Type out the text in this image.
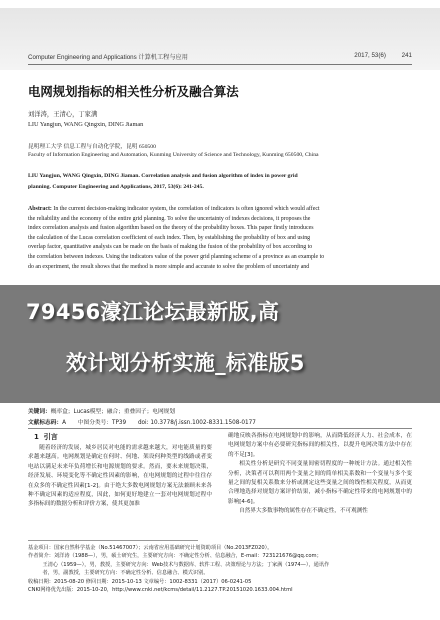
Computer Engineering and Applications 计算机工程与应用	2017, 53(6)	241
电网规划指标的相关性分析及融合算法
刘洋涛，王清心，丁家满
LIU Yangjun, WANG Qingxin, DING Jiaman
昆明理工大学 信息工程与自动化学院，昆明 650500
Faculty of Information Engineering and Automation, Kunming University of Science and Technology, Kunming 650500, China
LIU Yangjun, WANG Qingxin, DING Jiaman. Correlation analysis and fusion algorithm of index in power grid
planning. Computer Engineering and Applications, 2017, 53(6): 241-245.
Abstract: In the current decision-making indicator system, the correlation of indicators is often ignored which would affect
the reliability and the economy of the entire grid planning. To solve the uncertainty of indexes decisions, it proposes the
index correlation analysis and fusion algorithm based on the theory of the probability boxes. This paper firstly introduces
the calculation of the Lucas correlation coefficient of each index. Then, by establishing the probability of box and using
overlap factor, quantitative analysis can be made on the basis of making the fusion of the probability of box according to
the correlation between indexes. Using the indicators value of the power grid planning scheme of a province as an example to
do an experiment, the result shows that the method is more simple and accurate to solve the problem of uncertainty and
79456濠江论坛最新版,高
效计划分析实施_标准版5
关键词：概率盒；Lucas模型；融合；重叠因子；电网规划
文献标志码：A 中图分类号：TP39 doi: 10.3778/j.issn.1002-8331.1508-0177
1 引言

随着经济的发展，城乡居民对电能的需求越来越大，对电能质量的要求越来越高。电网规划是确定在何时、何地、架设何种类型的线路或者变电站以满足未来年负荷增长和电源规划的要求。然而，要未来规划决策，经济发展、环境变化等不确定性因素的影响，在电网规划的过程中往往存在众多的不确定性因素[1-2]。由于绝大多数电网规划方案无法兼顾未来各种不确定因素的适应程度，因此，如何更好地建立一套对电网规划过程中多指标间的数据分析和评价方案，使其更加准

确地反映各指标在电网规划中的影响，从而降低经济人力、社会成本，在电网规划方案中有必要研究指标间的相关性，以提升电网决策方法中存在的不足[3]。

相关性分析是研究不同变量间密切程度的一种统计方法。通过相关性分析，决策者可以利用两个变量之间的简单相关系数和一个变量与多个变量之间的复相关系数来分析或测定这些变量之间的线性相关程度，从而更合理地选择对规划方案评价结果，减小指标不确定性带来的电网规划中的影响[4-6]。

自然界大多数事物的属性存在不确定性，不可观测性

基金项目：国家自然科学基金（No.51467007）；云南省应用基础研究计划资助项目（No.2013FZ020）。
作者简介：刘洋涛（1988—），男，硕士研究生，主要研究方向：不确定性分析、信息融合，E-mail：723121676@qq.com；
王清心（1959—），男，教授，主要研究方向：Web技术与数据库、软件工程、决策理论与方法；丁家满（1974—），通讯作
者，男，副教授，主要研究方向：不确定性分析、信息融合、模式识别。
收稿日期：2015-08-20 修回日期：2015-10-13 文章编号：1002-8331（2017）06-0241-05
CNKI网络优先出版：2015-10-20，http://www.cnki.net/kcms/detail/11.2127.TP.20151020.1633.004.html
